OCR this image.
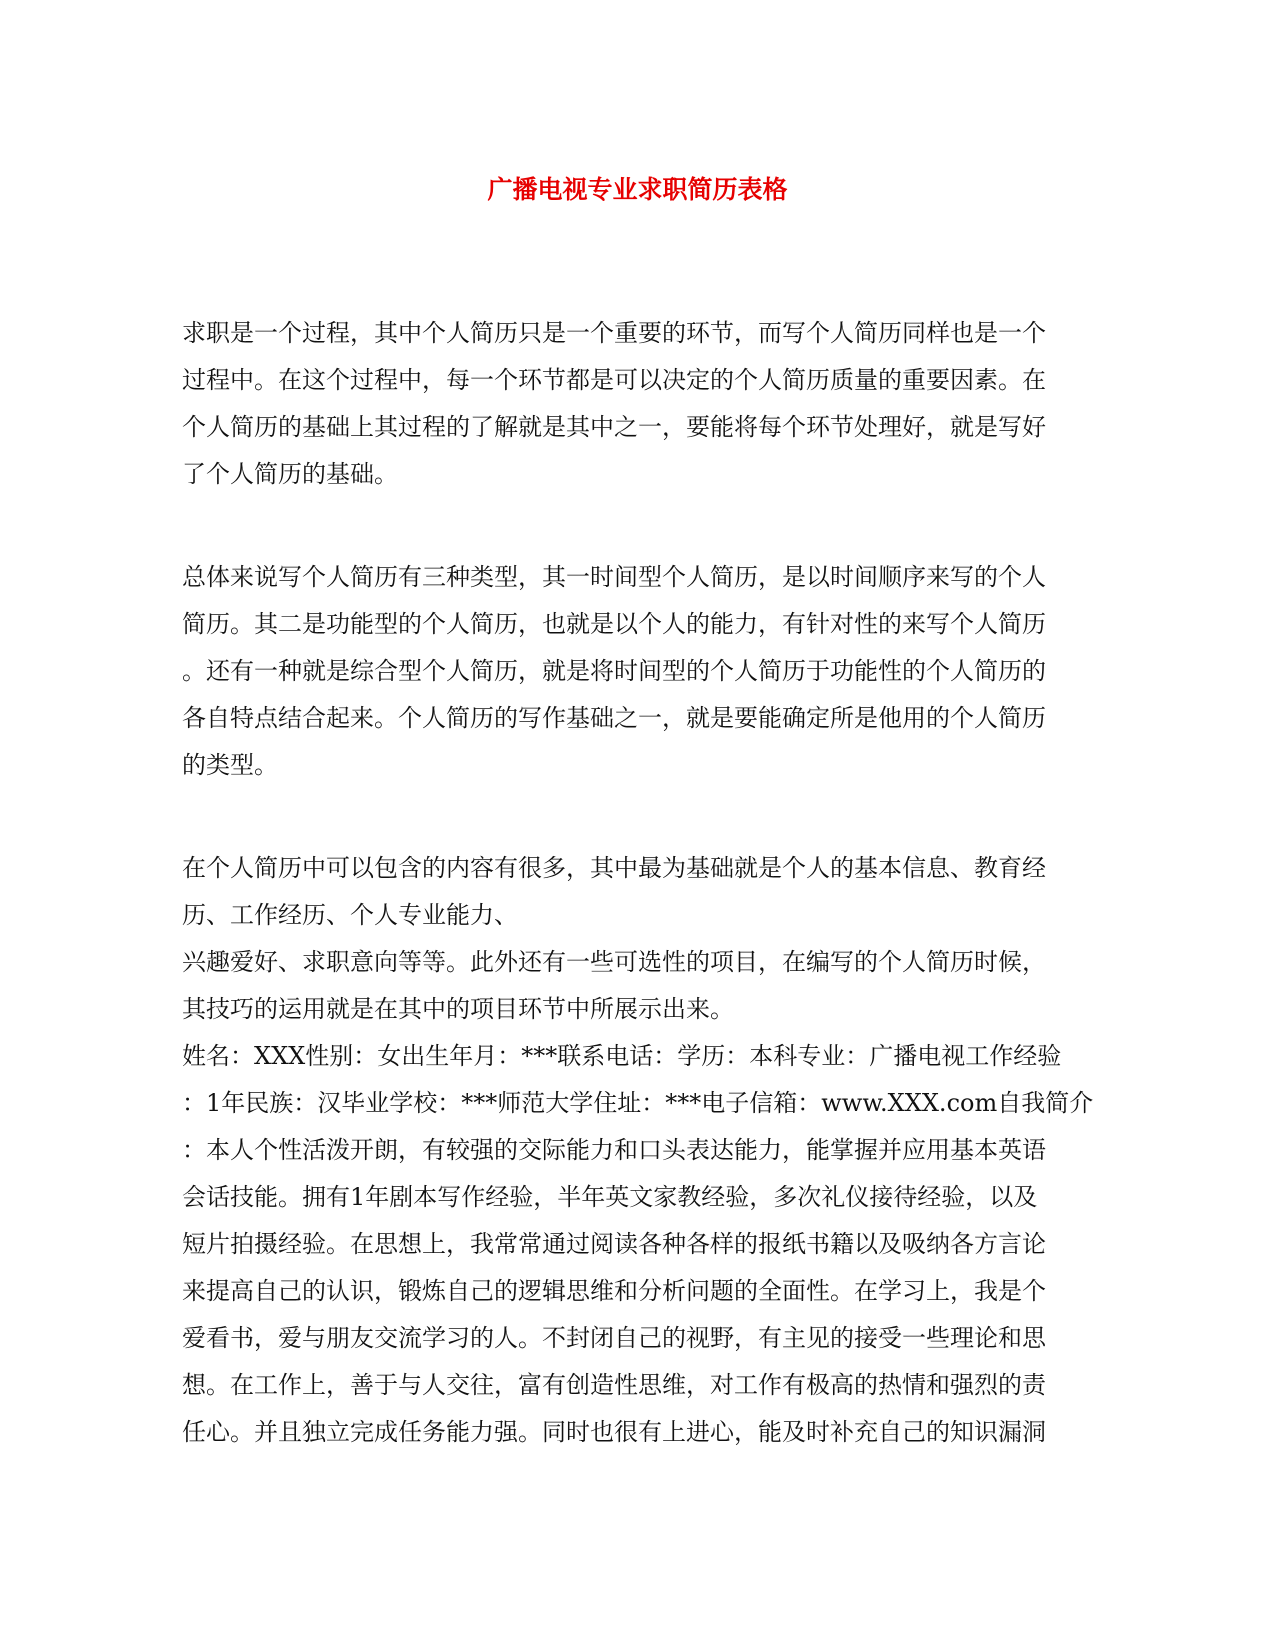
广播电视专业求职简历表格
求职是一个过程，其中个人简历只是一个重要的环节，而写个人简历同样也是一个
过程中。在这个过程中，每一个环节都是可以决定的个人简历质量的重要因素。在
个人简历的基础上其过程的了解就是其中之一，要能将每个环节处理好，就是写好
了个人简历的基础。
总体来说写个人简历有三种类型，其一时间型个人简历，是以时间顺序来写的个人
简历。其二是功能型的个人简历，也就是以个人的能力，有针对性的来写个人简历
。还有一种就是综合型个人简历，就是将时间型的个人简历于功能性的个人简历的
各自特点结合起来。个人简历的写作基础之一，就是要能确定所是他用的个人简历
的类型。
在个人简历中可以包含的内容有很多，其中最为基础就是个人的基本信息、教育经
历、工作经历、个人专业能力、
兴趣爱好、求职意向等等。此外还有一些可选性的项目，在编写的个人简历时候，
其技巧的运用就是在其中的项目环节中所展示出来。
姓名：XXX性别：女出生年月：***联系电话：学历：本科专业：广播电视工作经验
：1年民族：汉毕业学校：***师范大学住址：***电子信箱：www.XXX.com自我简介
：本人个性活泼开朗，有较强的交际能力和口头表达能力，能掌握并应用基本英语
会话技能。拥有1年剧本写作经验，半年英文家教经验，多次礼仪接待经验，以及
短片拍摄经验。在思想上，我常常通过阅读各种各样的报纸书籍以及吸纳各方言论
来提高自己的认识，锻炼自己的逻辑思维和分析问题的全面性。在学习上，我是个
爱看书，爱与朋友交流学习的人。不封闭自己的视野，有主见的接受一些理论和思
想。在工作上，善于与人交往，富有创造性思维，对工作有极高的热情和强烈的责
任心。并且独立完成任务能力强。同时也很有上进心，能及时补充自己的知识漏洞
